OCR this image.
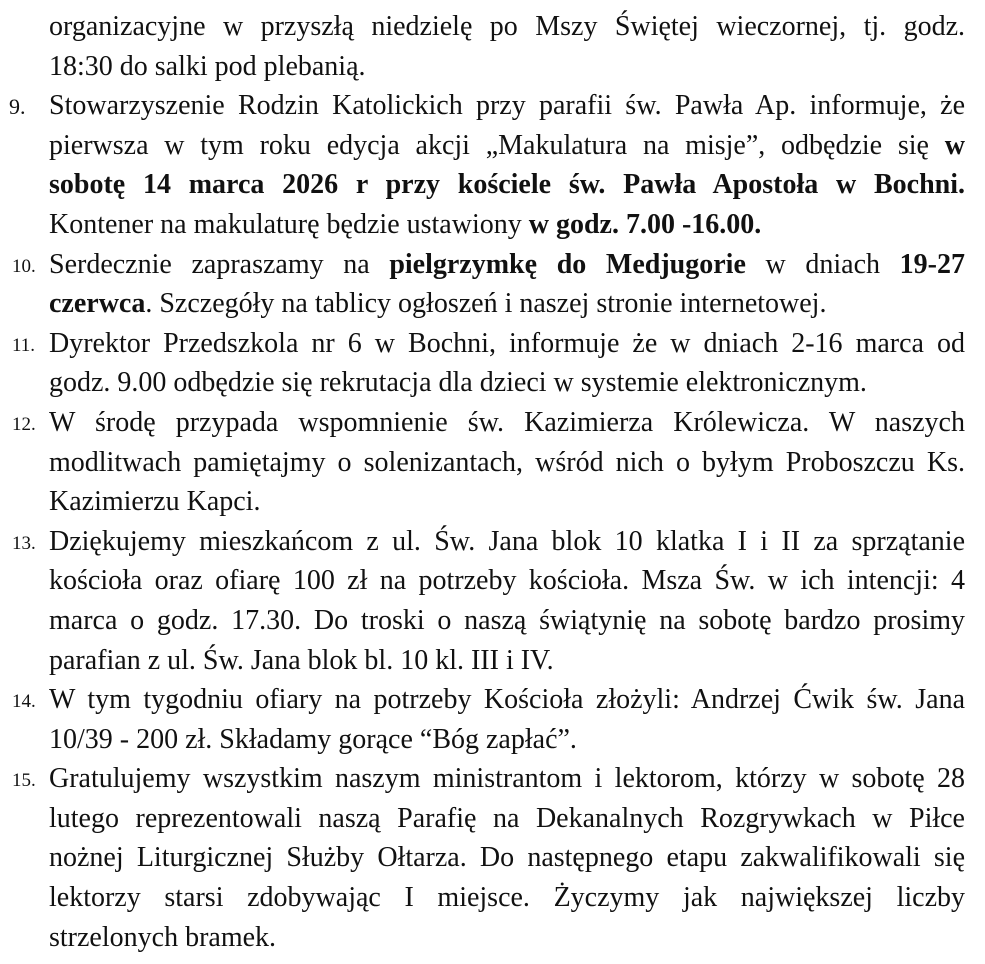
organizacyjne w przyszłą niedzielę po Mszy Świętej wieczornej, tj. godz.
18:30 do salki pod plebanią.
9. Stowarzyszenie Rodzin Katolickich przy parafii św. Pawła Ap. informuje, że
pierwsza w tym roku edycja akcji „Makulatura na misje”, odbędzie się w
sobotę 14 marca 2026 r przy kościele św. Pawła Apostoła w Bochni.
Kontener na makulaturę będzie ustawiony w godz. 7.00 -16.00.
10. Serdecznie zapraszamy na pielgrzymkę do Medjugorie w dniach 19-27
czerwca. Szczegóły na tablicy ogłoszeń i naszej stronie internetowej.
11. Dyrektor Przedszkola nr 6 w Bochni, informuje że w dniach 2-16 marca od
godz. 9.00 odbędzie się rekrutacja dla dzieci w systemie elektronicznym.
12. W środę przypada wspomnienie św. Kazimierza Królewicza. W naszych
modlitwach pamiętajmy o solenizantach, wśród nich o byłym Proboszczu Ks.
Kazimierzu Kapci.
13. Dziękujemy mieszkańcom z ul. Św. Jana blok 10 klatka I i II za sprzątanie
kościoła oraz ofiarę 100 zł na potrzeby kościoła. Msza Św. w ich intencji: 4
marca o godz. 17.30. Do troski o naszą świątynię na sobotę bardzo prosimy
parafian z ul. Św. Jana blok bl. 10 kl. III i IV.
14. W tym tygodniu ofiary na potrzeby Kościoła złożyli: Andrzej Ćwik św. Jana
10/39 - 200 zł. Składamy gorące “Bóg zapłać”.
15. Gratulujemy wszystkim naszym ministrantom i lektorom, którzy w sobotę 28
lutego reprezentowali naszą Parafię na Dekanalnych Rozgrywkach w Piłce
nożnej Liturgicznej Służby Ołtarza. Do następnego etapu zakwalifikowali się
lektorzy starsi zdobywając I miejsce. Życzymy jak największej liczby
strzelonych bramek.
